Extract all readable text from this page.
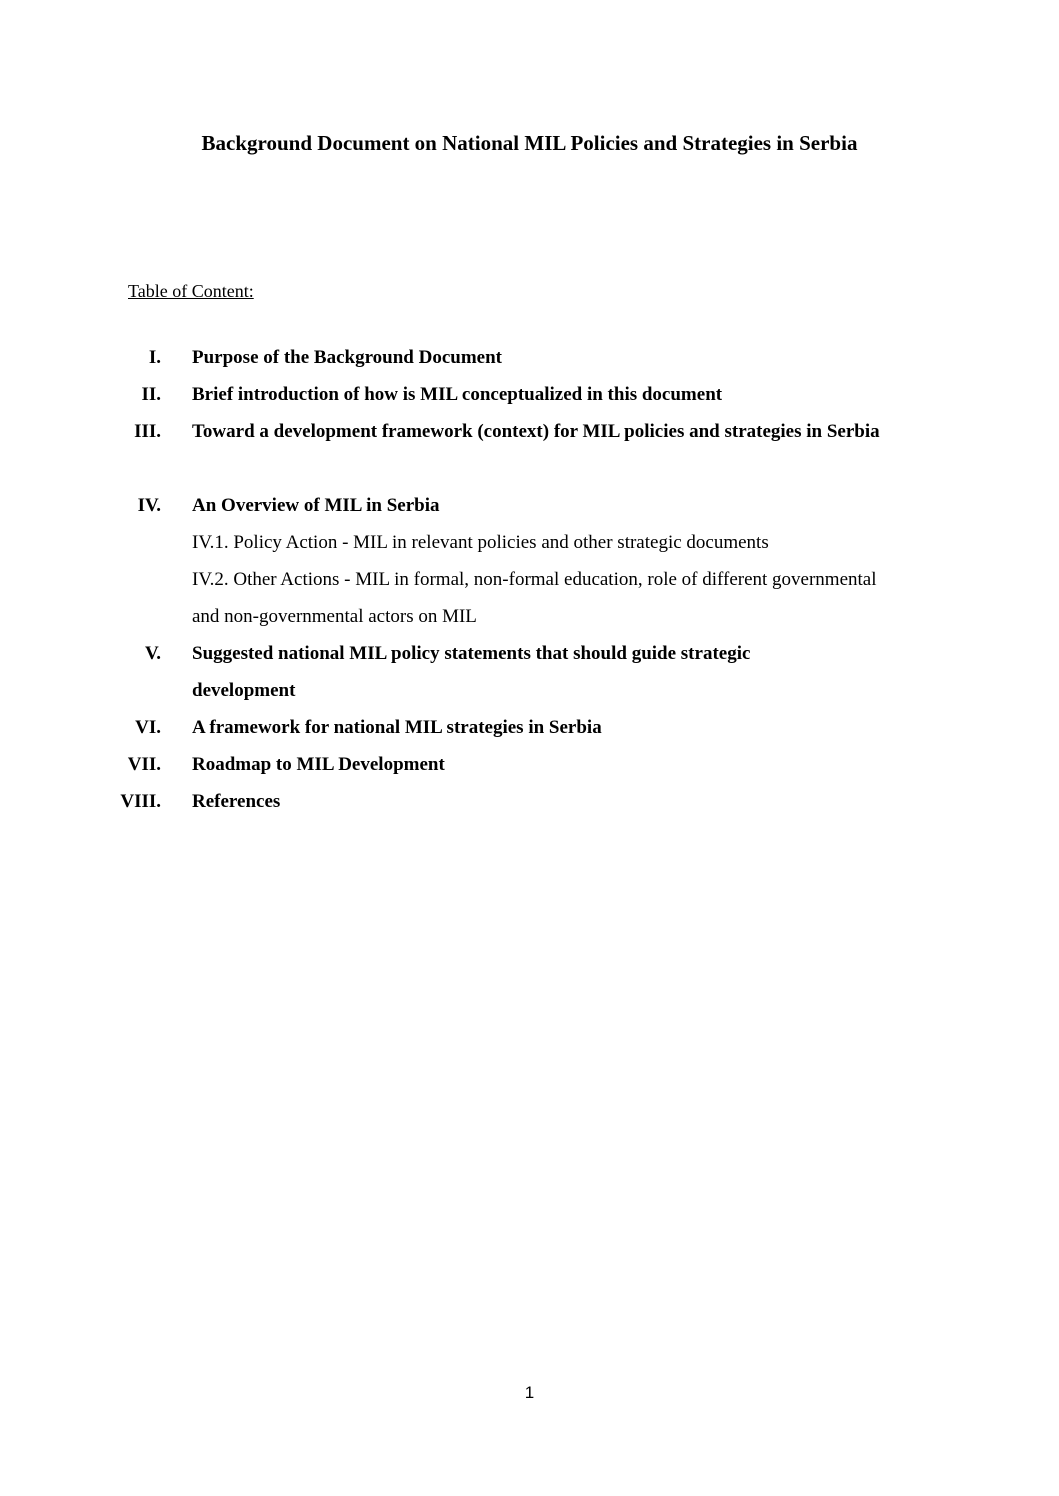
Background Document on National MIL Policies and Strategies in Serbia
Table of Content:
I. Purpose of the Background Document
II. Brief introduction of how is MIL conceptualized in this document
III. Toward a development framework (context) for MIL policies and strategies in Serbia
IV. An Overview of MIL in Serbia
IV.1. Policy Action - MIL in relevant policies and other strategic documents
IV.2. Other Actions - MIL in formal, non-formal education, role of different governmental and non-governmental actors on MIL
V. Suggested national MIL policy statements that should guide strategic development
VI. A framework for national MIL strategies in Serbia
VII. Roadmap to MIL Development
VIII. References
1
